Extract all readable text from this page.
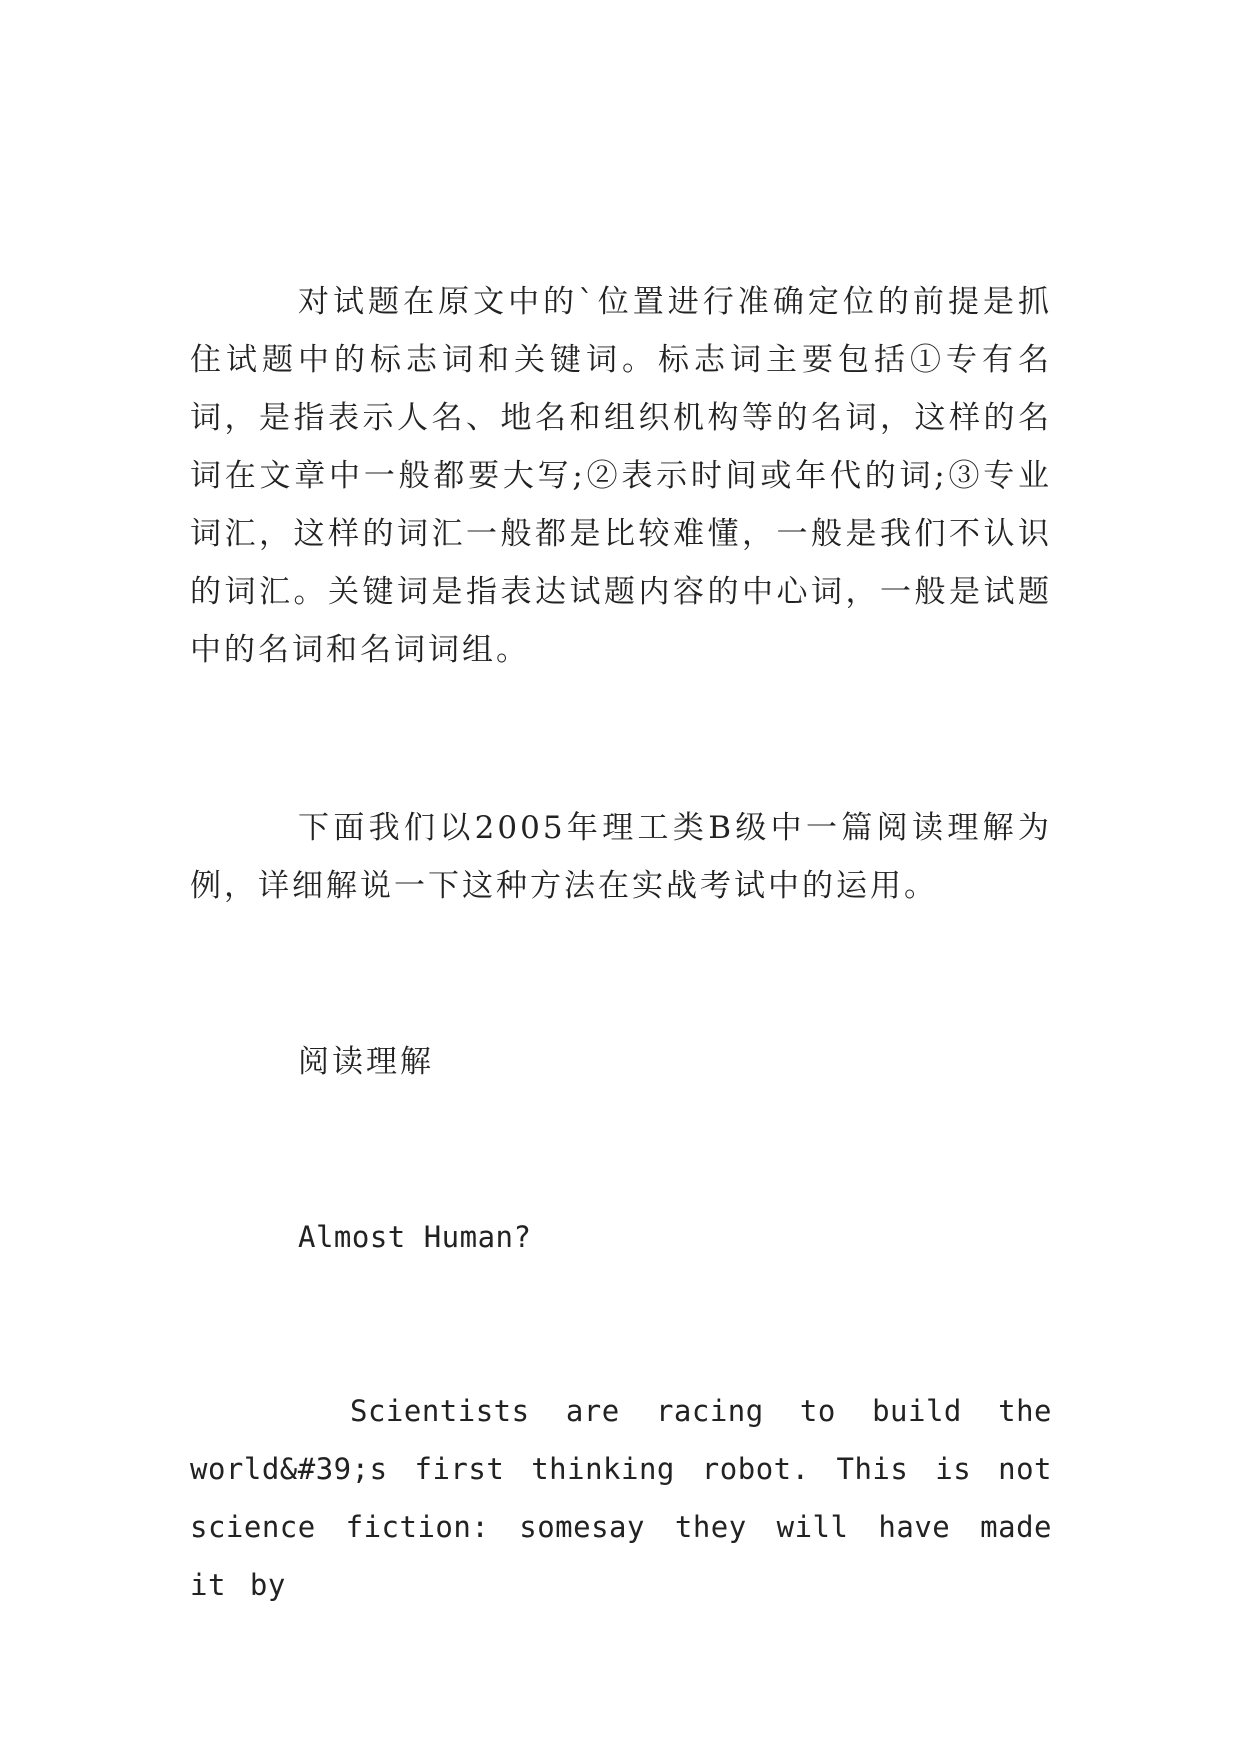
对试题在原文中的`位置进行准确定位的前提是抓住试题中的标志词和关键词。标志词主要包括①专有名词，是指表示人名、地名和组织机构等的名词，这样的名词在文章中一般都要大写;②表示时间或年代的词;③专业词汇，这样的词汇一般都是比较难懂，一般是我们不认识的词汇。关键词是指表达试题内容的中心词，一般是试题中的名词和名词词组。

下面我们以2005年理工类B级中一篇阅读理解为例，详细解说一下这种方法在实战考试中的运用。

阅读理解
Almost Human?

Scientists are racing to build the world&#39;s first thinking robot. This is not science fiction: somesay they will have made it by
